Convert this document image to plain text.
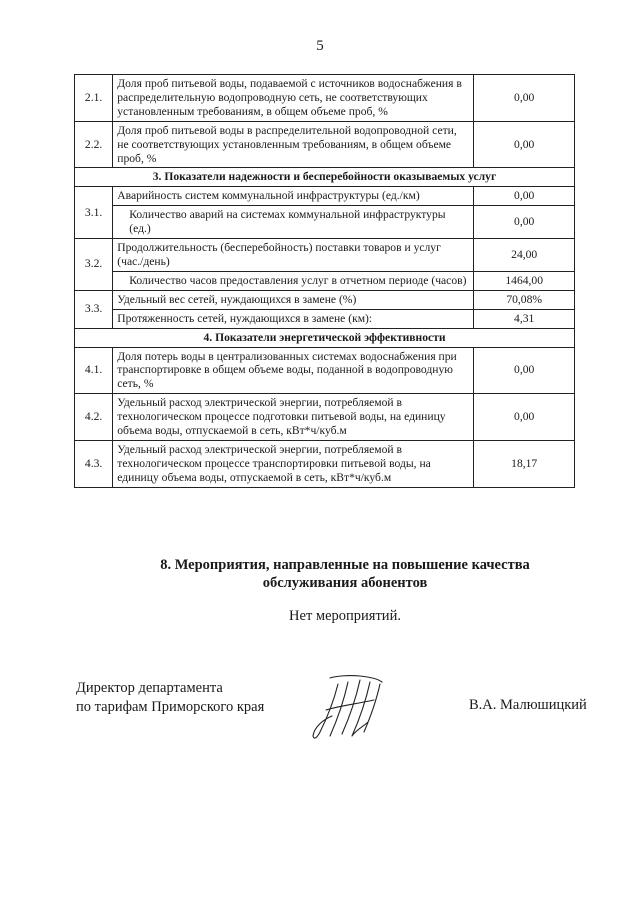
5
2.1.	Доля проб питьевой воды, подаваемой с источников водоснабжения в распределительную водопроводную сеть, не соответствующих установленным требованиям, в общем объеме проб, %	0,00
2.2.	Доля проб питьевой воды в распределительной водопроводной сети, не соответствующих установленным требованиям, в общем объеме проб, %	0,00
3. Показатели надежности и бесперебойности оказываемых услуг		
3.1.	Аварийность систем коммунальной инфраструктуры (ед./км)	0,00
	Количество аварий на системах коммунальной инфраструктуры (ед.)	0,00
3.2.	Продолжительность (бесперебойность) поставки товаров и услуг (час./день)	24,00
	Количество часов предоставления услуг в отчетном периоде (часов)	1464,00
3.3.	Удельный вес сетей, нуждающихся в замене (%)	70,08%
	Протяженность сетей, нуждающихся в замене (км):	4,31
4. Показатели энергетической эффективности		
4.1.	Доля потерь воды в централизованных системах водоснабжения при транспортировке в общем объеме воды, поданной в водопроводную сеть, %	0,00
4.2.	Удельный расход электрической энергии, потребляемой в технологическом процессе подготовки питьевой воды, на единицу объема воды, отпускаемой в сеть, кВт*ч/куб.м	0,00
4.3.	Удельный расход электрической энергии, потребляемой в технологическом процессе транспортировки питьевой воды, на единицу объема воды, отпускаемой в сеть, кВт*ч/куб.м	18,17
8. Мероприятия, направленные на повышение качества
обслуживания абонентов
Нет мероприятий.
Директор департамента
по тарифам Приморского края	В.А. Малюшицкий
